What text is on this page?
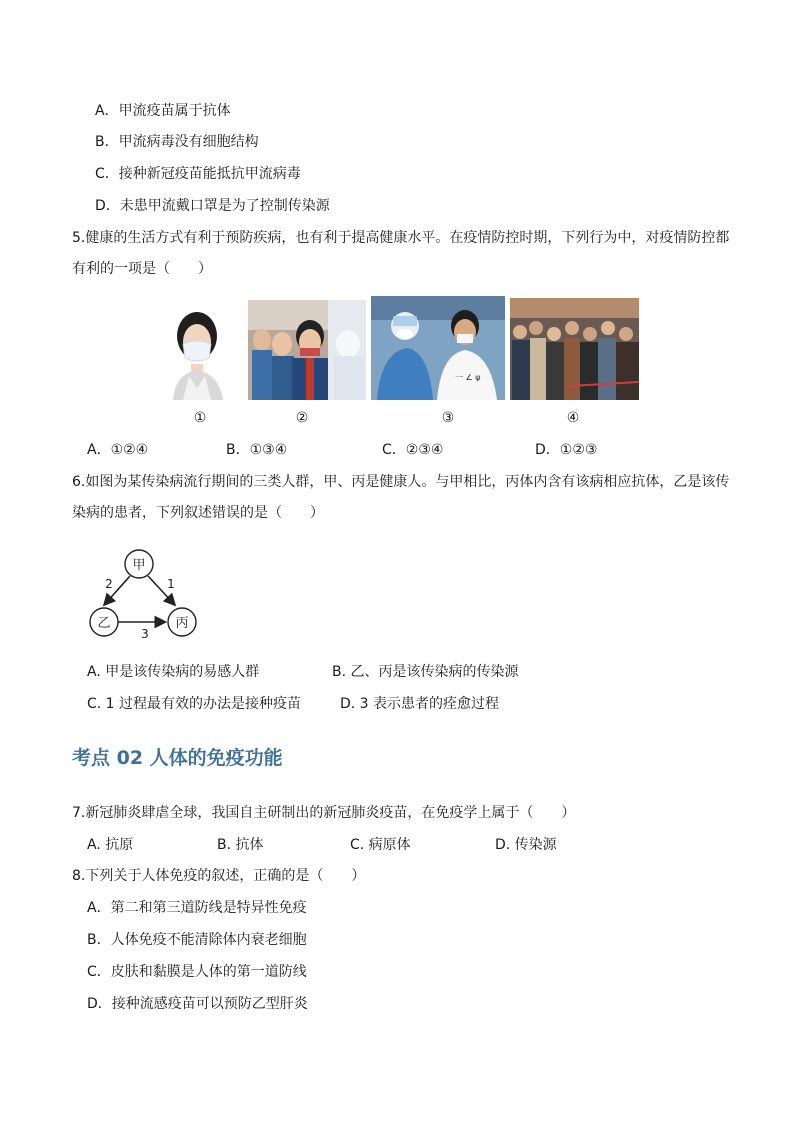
A．甲流疫苗属于抗体
B．甲流病毒没有细胞结构
C．接种新冠疫苗能抵抗甲流病毒
D．未患甲流戴口罩是为了控制传染源
5.健康的生活方式有利于预防疾病，也有利于提高健康水平。在疫情防控时期，下列行为中，对疫情防控都
有利的一项是（　　）
一 ∠ ψ
①	②	③	④
A．①②④	B．①③④	C．②③④	D．①②③
6.如图为某传染病流行期间的三类人群，甲、丙是健康人。与甲相比，丙体内含有该病相应抗体，乙是该传
染病的患者，下列叙述错误的是（　　）
甲
乙	丙
2	1
3
A. 甲是该传染病的易感人群	B. 乙、丙是该传染病的传染源
C. 1 过程最有效的办法是接种疫苗	D. 3 表示患者的痊愈过程
考点 02 人体的免疫功能
7.新冠肺炎肆虐全球，我国自主研制出的新冠肺炎疫苗，在免疫学上属于（　　）
A. 抗原	B. 抗体	C. 病原体	D. 传染源
8.下列关于人体免疫的叙述，正确的是（　　）
A．第二和第三道防线是特异性免疫
B．人体免疫不能清除体内衰老细胞
C．皮肤和黏膜是人体的第一道防线
D．接种流感疫苗可以预防乙型肝炎
